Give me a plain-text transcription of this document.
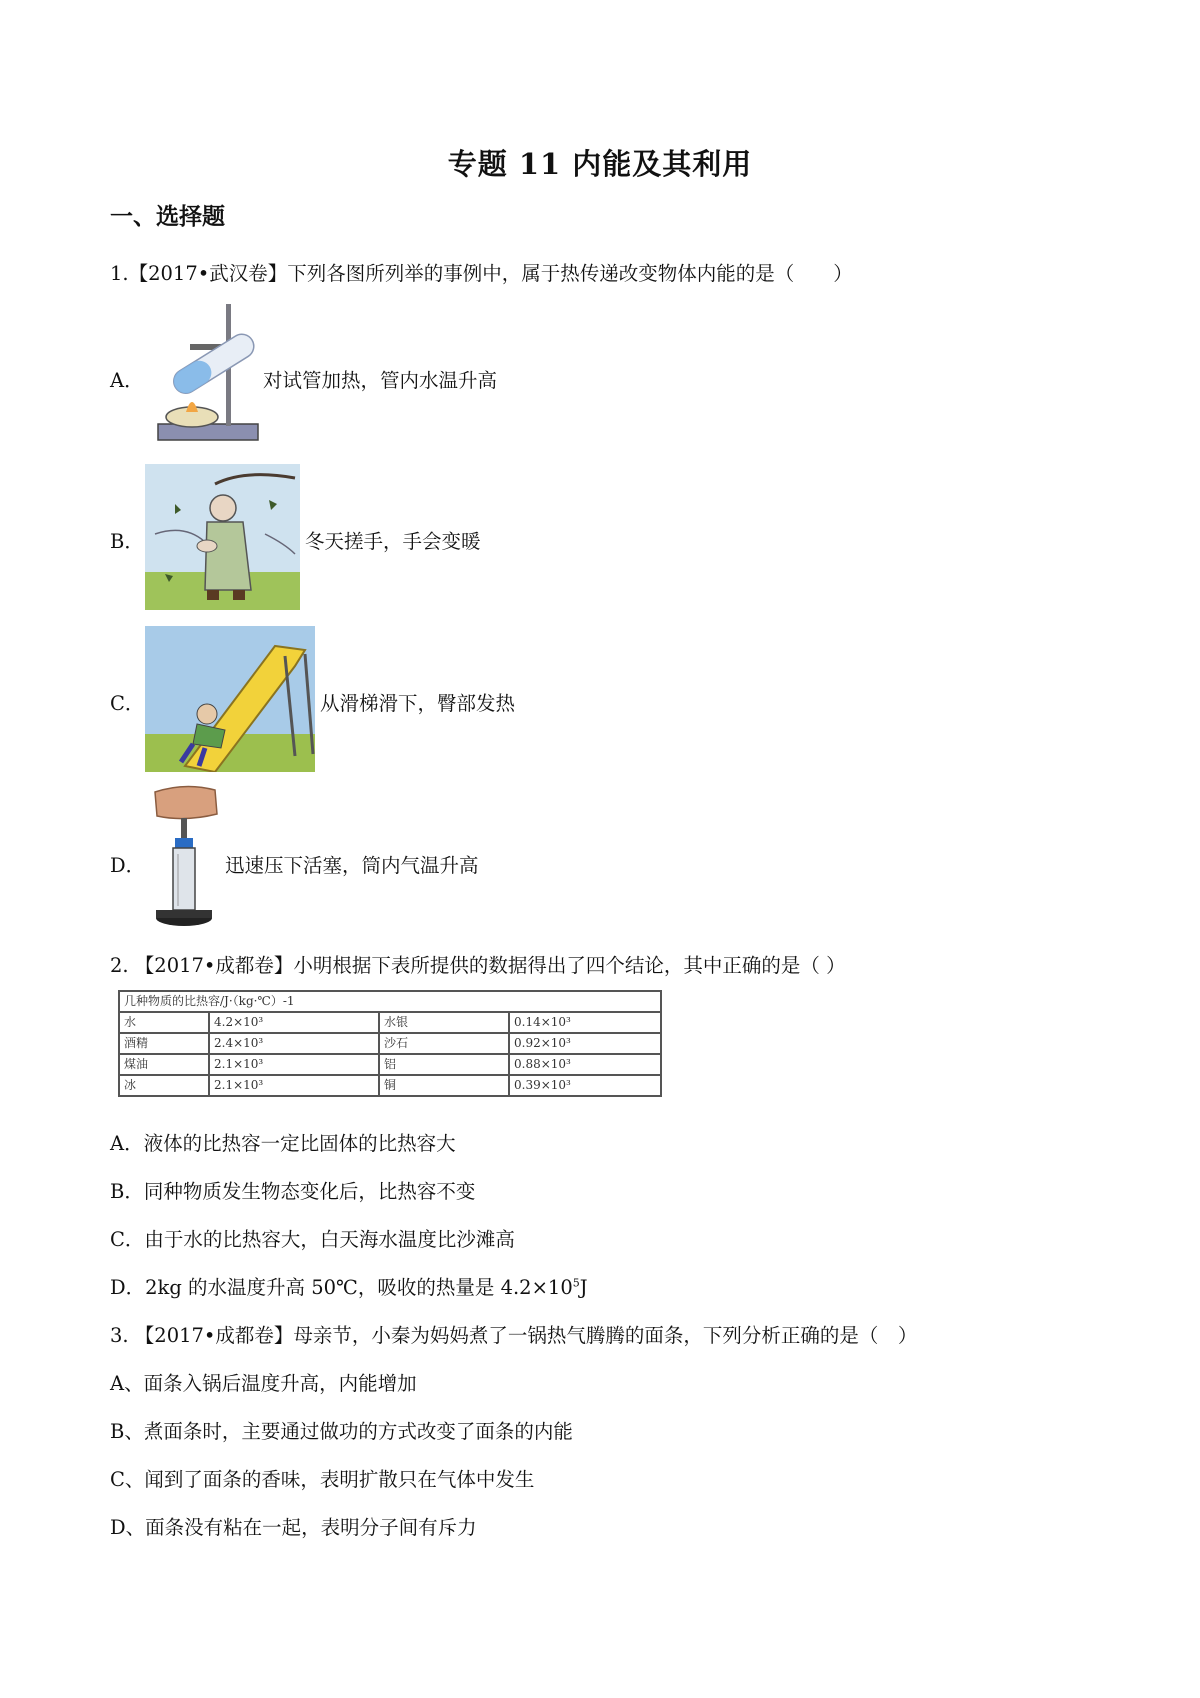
专题 11 内能及其利用
一、选择题
1.【2017•武汉卷】下列各图所列举的事例中，属于热传递改变物体内能的是（　　）
A．	对试管加热，管内水温升高
B．	冬天搓手，手会变暖
C．	从滑梯滑下，臀部发热
D．	迅速压下活塞，筒内气温升高
2. 【2017•成都卷】小明根据下表所提供的数据得出了四个结论，其中正确的是（ ）
几种物质的比热容/J·（kg·℃）-1			
水	4.2×10³	水银	0.14×10³
酒精	2.4×10³	沙石	0.92×10³
煤油	2.1×10³	铝	0.88×10³
冰	2.1×10³	铜	0.39×10³
A．液体的比热容一定比固体的比热容大
B．同种物质发生物态变化后，比热容不变
C．由于水的比热容大，白天海水温度比沙滩高
D．2kg 的水温度升高 50℃，吸收的热量是 $4.2\times 10^5J$
3. 【2017•成都卷】母亲节，小秦为妈妈煮了一锅热气腾腾的面条，下列分析正确的是（　）
A、面条入锅后温度升高，内能增加
B、煮面条时，主要通过做功的方式改变了面条的内能
C、闻到了面条的香味，表明扩散只在气体中发生
D、面条没有粘在一起，表明分子间有斥力
